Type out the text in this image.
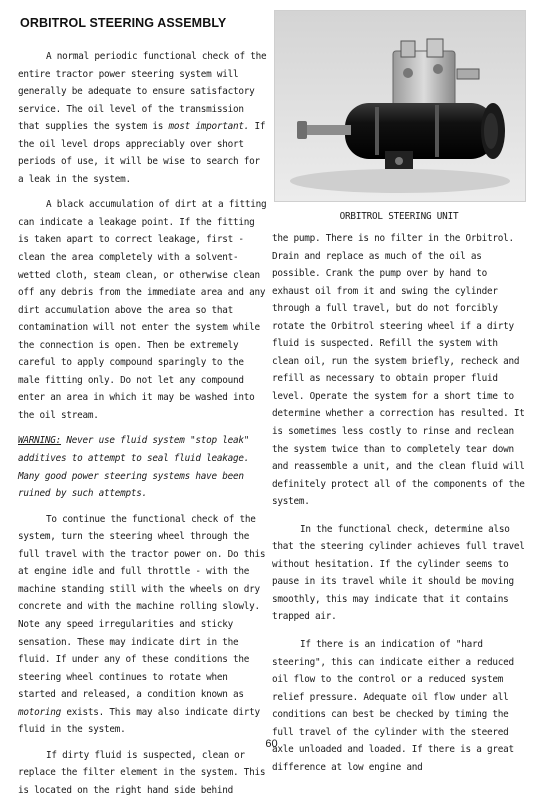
ORBITROL STEERING ASSEMBLY

A normal periodic functional check of the entire tractor power steering system will generally be adequate to ensure satisfactory service. The oil level of the transmission that supplies the system is most important. If the oil level drops appreciably over short periods of use, it will be wise to search for a leak in the system.

A black accumulation of dirt at a fitting can indicate a leakage point. If the fitting is taken apart to correct leakage, first - clean the area completely with a solvent-wetted cloth, steam clean, or otherwise clean off any debris from the immediate area and any dirt accumulation above the area so that contamination will not enter the system while the connection is open. Then be extremely careful to apply compound sparingly to the male fitting only. Do not let any compound enter an area in which it may be washed into the oil stream.

WARNING: Never use fluid system "stop leak" additives to attempt to seal fluid leakage. Many good power steering systems have been ruined by such attempts.

To continue the functional check of the system, turn the steering wheel through the full travel with the tractor power on. Do this at engine idle and full throttle - with the machine standing still with the wheels on dry concrete and with the machine rolling slowly. Note any speed irregularities and sticky sensation. These may indicate dirt in the fluid. If under any of these conditions the steering wheel continues to rotate when started and released, a condition known as motoring exists. This may also indicate dirty fluid in the system.

If dirty fluid is suspected, clean or replace the filter element in the system. This is located on the right hand side behind

ORBITROL STEERING UNIT

the pump. There is no filter in the Orbitrol. Drain and replace as much of the oil as possible. Crank the pump over by hand to exhaust oil from it and swing the cylinder through a full travel, but do not forcibly rotate the Orbitrol steering wheel if a dirty fluid is suspected. Refill the system with clean oil, run the system briefly, recheck and refill as necessary to obtain proper fluid level. Operate the system for a short time to determine whether a correction has resulted. It is sometimes less costly to rinse and reclean the system twice than to completely tear down and reassemble a unit, and the clean fluid will definitely protect all of the components of the system.

In the functional check, determine also that the steering cylinder achieves full travel without hesitation. If the cylinder seems to pause in its travel while it should be moving smoothly, this may indicate that it contains trapped air.

If there is an indication of "hard steering", this can indicate either a reduced oil flow to the control or a reduced system relief pressure. Adequate oil flow under all conditions can best be checked by timing the full travel of the cylinder with the steered axle unloaded and loaded. If there is a great difference at low engine and

60
